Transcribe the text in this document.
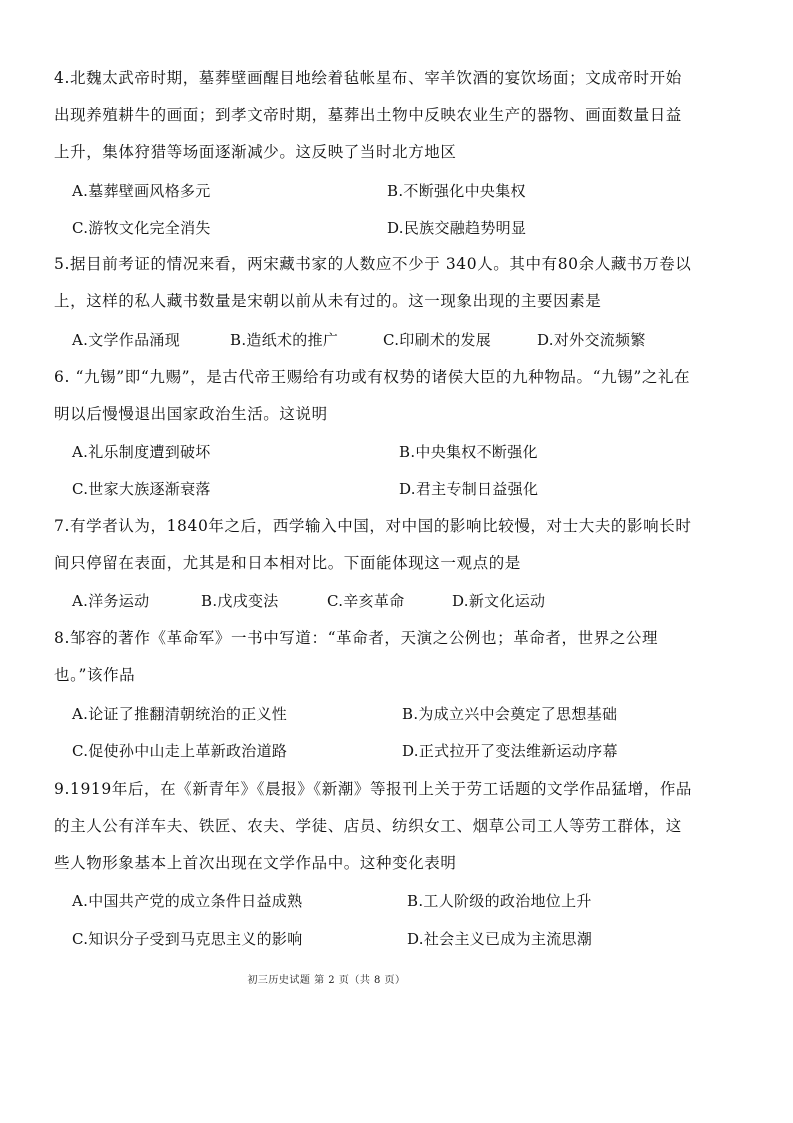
4.北魏太武帝时期，墓葬壁画醒目地绘着毡帐星布、宰羊饮酒的宴饮场面；文成帝时开始出现养殖耕牛的画面；到孝文帝时期，墓葬出土物中反映农业生产的器物、画面数量日益上升，集体狩猎等场面逐渐减少。这反映了当时北方地区

A.墓葬壁画风格多元	B.不断强化中央集权
C.游牧文化完全消失	D.民族交融趋势明显

5.据目前考证的情况来看，两宋藏书家的人数应不少于 340人。其中有80余人藏书万卷以上，这样的私人藏书数量是宋朝以前从未有过的。这一现象出现的主要因素是

A.文学作品涌现	B.造纸术的推广	C.印刷术的发展	D.对外交流频繁

6. “九锡”即“九赐”，是古代帝王赐给有功或有权势的诸侯大臣的九种物品。“九锡”之礼在明以后慢慢退出国家政治生活。这说明

A.礼乐制度遭到破坏	B.中央集权不断强化
C.世家大族逐渐衰落	D.君主专制日益强化

7.有学者认为，1840年之后，西学输入中国，对中国的影响比较慢，对士大夫的影响长时间只停留在表面，尤其是和日本相对比。下面能体现这一观点的是

A.洋务运动	B.戊戌变法	C.辛亥革命	D.新文化运动

8.邹容的著作《革命军》一书中写道：“革命者，天演之公例也；革命者，世界之公理也。”该作品

A.论证了推翻清朝统治的正义性	B.为成立兴中会奠定了思想基础
C.促使孙中山走上革新政治道路	D.正式拉开了变法维新运动序幕

9.1919年后，在《新青年》《晨报》《新潮》等报刊上关于劳工话题的文学作品猛增，作品的主人公有洋车夫、铁匠、农夫、学徒、店员、纺织女工、烟草公司工人等劳工群体，这些人物形象基本上首次出现在文学作品中。这种变化表明

A.中国共产党的成立条件日益成熟	B.工人阶级的政治地位上升
C.知识分子受到马克思主义的影响	D.社会主义已成为主流思潮
初三历史试题 第 2 页（共 8 页）
